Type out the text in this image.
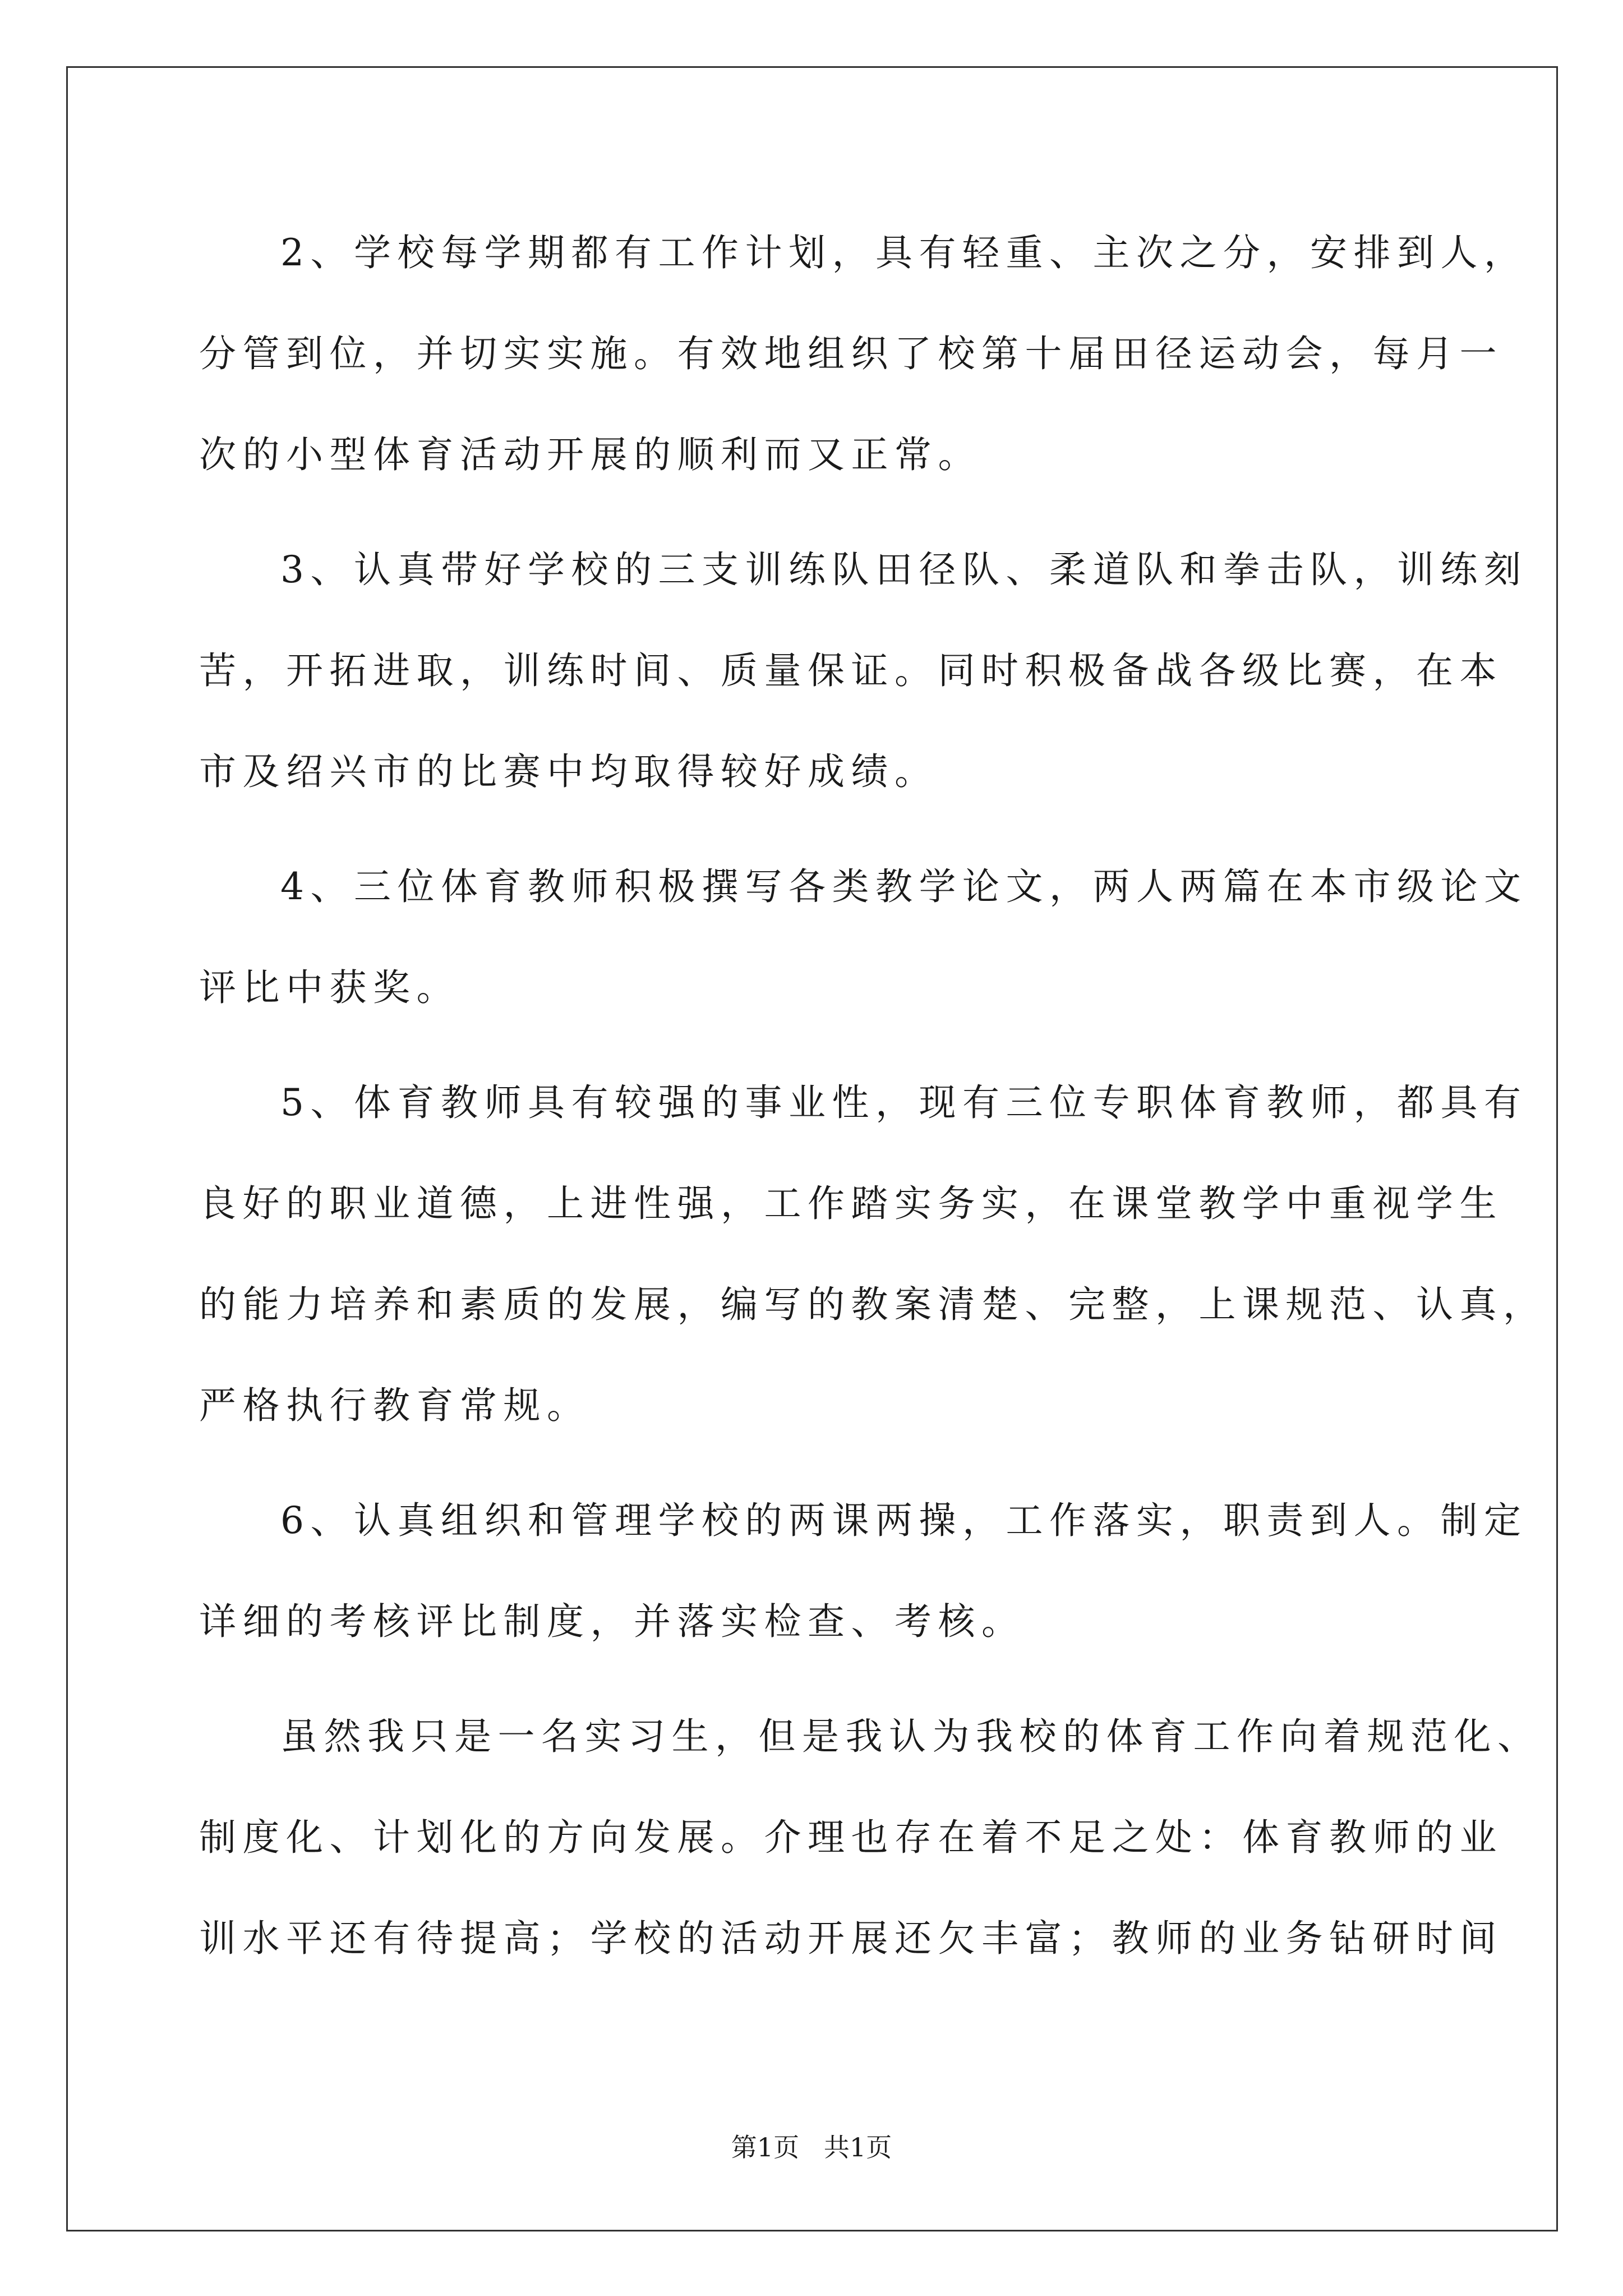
2、学校每学期都有工作计划，具有轻重、主次之分，安排到人，
分管到位，并切实实施。有效地组织了校第十届田径运动会，每月一
次的小型体育活动开展的顺利而又正常。
3、认真带好学校的三支训练队田径队、柔道队和拳击队，训练刻
苦，开拓进取，训练时间、质量保证。同时积极备战各级比赛，在本
市及绍兴市的比赛中均取得较好成绩。
4、三位体育教师积极撰写各类教学论文，两人两篇在本市级论文
评比中获奖。
5、体育教师具有较强的事业性，现有三位专职体育教师，都具有
良好的职业道德，上进性强，工作踏实务实，在课堂教学中重视学生
的能力培养和素质的发展，编写的教案清楚、完整，上课规范、认真，
严格执行教育常规。
6、认真组织和管理学校的两课两操，工作落实，职责到人。制定
详细的考核评比制度，并落实检查、考核。
虽然我只是一名实习生，但是我认为我校的体育工作向着规范化、
制度化、计划化的方向发展。介理也存在着不足之处：体育教师的业
训水平还有待提高；学校的活动开展还欠丰富；教师的业务钻研时间
第1页   共1页
